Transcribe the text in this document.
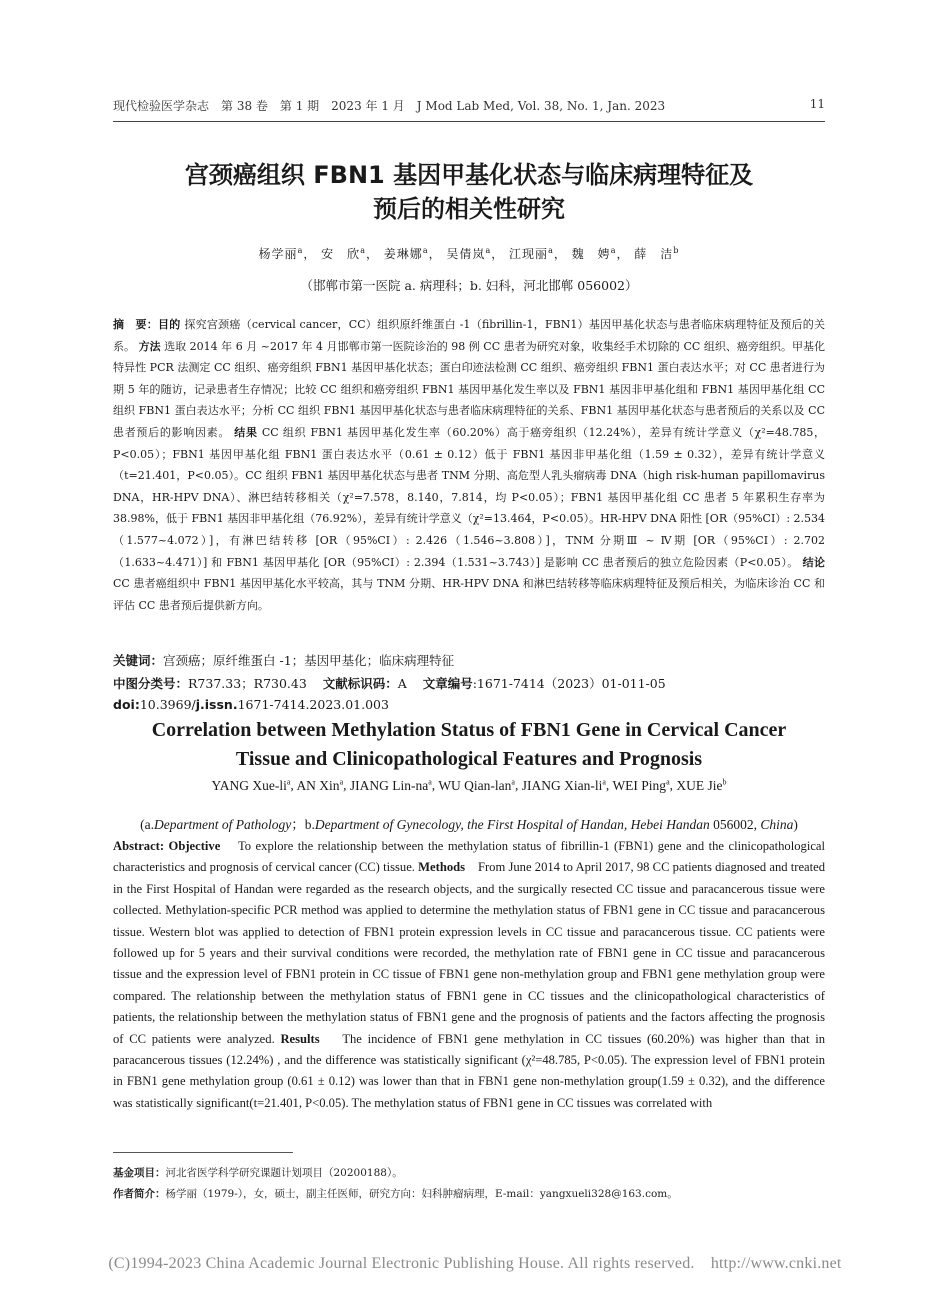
现代检验医学杂志　第 38 卷　第 1 期　2023 年 1 月　J Mod Lab Med, Vol. 38, No. 1, Jan. 2023	11
宫颈癌组织 FBN1 基因甲基化状态与临床病理特征及
预后的相关性研究
杨学丽$^a$， 安　欣$^a$， 姜琳娜$^a$， 吴倩岚$^a$， 江现丽$^a$， 魏　娉$^a$， 薛　洁$^b$
（邯郸市第一医院 a. 病理科；b. 妇科，河北邯郸 056002）
摘　要：目的 探究宫颈癌（cervical cancer，CC）组织原纤维蛋白 -1（fibrillin-1，FBN1）基因甲基化状态与患者临床病理特征及预后的关系。 方法 选取 2014 年 6 月 ~2017 年 4 月邯郸市第一医院诊治的 98 例 CC 患者为研究对象，收集经手术切除的 CC 组织、癌旁组织。甲基化特异性 PCR 法测定 CC 组织、癌旁组织 FBN1 基因甲基化状态；蛋白印迹法检测 CC 组织、癌旁组织 FBN1 蛋白表达水平；对 CC 患者进行为期 5 年的随访，记录患者生存情况；比较 CC 组织和癌旁组织 FBN1 基因甲基化发生率以及 FBN1 基因非甲基化组和 FBN1 基因甲基化组 CC 组织 FBN1 蛋白表达水平；分析 CC 组织 FBN1 基因甲基化状态与患者临床病理特征的关系、FBN1 基因甲基化状态与患者预后的关系以及 CC 患者预后的影响因素。 结果 CC 组织 FBN1 基因甲基化发生率（60.20%）高于癌旁组织（12.24%），差异有统计学意义（χ²=48.785，P<0.05）；FBN1 基因甲基化组 FBN1 蛋白表达水平（0.61 ± 0.12）低于 FBN1 基因非甲基化组（1.59 ± 0.32），差异有统计学意义（t=21.401，P<0.05）。CC 组织 FBN1 基因甲基化状态与患者 TNM 分期、高危型人乳头瘤病毒 DNA（high risk-human papillomavirus DNA，HR-HPV DNA）、淋巴结转移相关（χ²=7.578，8.140，7.814，均 P<0.05）；FBN1 基因甲基化组 CC 患者 5 年累积生存率为 38.98%，低于 FBN1 基因非甲基化组（76.92%），差异有统计学意义（χ²=13.464，P<0.05）。HR-HPV DNA 阳性 [OR（95%CI）: 2.534（1.577~4.072）]，有淋巴结转移 [OR（95%CI）: 2.426（1.546~3.808）]，TNM 分期Ⅲ ~ Ⅳ期 [OR（95%CI）: 2.702（1.633~4.471）] 和 FBN1 基因甲基化 [OR（95%CI）: 2.394（1.531~3.743）] 是影响 CC 患者预后的独立危险因素（P<0.05）。 结论 CC 患者癌组织中 FBN1 基因甲基化水平较高，其与 TNM 分期、HR-HPV DNA 和淋巴结转移等临床病理特征及预后相关，为临床诊治 CC 和评估 CC 患者预后提供新方向。
关键词：宫颈癌；原纤维蛋白 -1；基因甲基化；临床病理特征
中图分类号：R737.33；R730.43 文献标识码：A 文章编号:1671-7414（2023）01-011-05
doi:10.3969/j.issn.1671-7414.2023.01.003
Correlation between Methylation Status of FBN1 Gene in Cervical Cancer
Tissue and Clinicopathological Features and Prognosis
YANG Xue-$li^a$, AN Xin$^a$, JIANG Lin-$na^a$, WU Qian-lan$^a$, JIANG Xian-$li^a$, WEI Ping$^a$, XUE Jie$^b$
(a.Department of Pathology；b.Department of Gynecology, the First Hospital of Handan, Hebei Handan 056002, China)
Abstract: Objective To explore the relationship between the methylation status of fibrillin-1 (FBN1) gene and the clinicopathological characteristics and prognosis of cervical cancer (CC) tissue. Methods From June 2014 to April 2017, 98 CC patients diagnosed and treated in the First Hospital of Handan were regarded as the research objects, and the surgically resected CC tissue and paracancerous tissue were collected. Methylation-specific PCR method was applied to determine the methylation status of FBN1 gene in CC tissue and paracancerous tissue. Western blot was applied to detection of FBN1 protein expression levels in CC tissue and paracancerous tissue. CC patients were followed up for 5 years and their survival conditions were recorded, the methylation rate of FBN1 gene in CC tissue and paracancerous tissue and the expression level of FBN1 protein in CC tissue of FBN1 gene non-methylation group and FBN1 gene methylation group were compared. The relationship between the methylation status of FBN1 gene in CC tissues and the clinicopathological characteristics of patients, the relationship between the methylation status of FBN1 gene and the prognosis of patients and the factors affecting the prognosis of CC patients were analyzed. Results The incidence of FBN1 gene methylation in CC tissues (60.20%) was higher than that in paracancerous tissues (12.24%) , and the difference was statistically significant (χ²=48.785, P<0.05). The expression level of FBN1 protein in FBN1 gene methylation group (0.61 ± 0.12) was lower than that in FBN1 gene non-methylation group(1.59 ± 0.32), and the difference was statistically significant(t=21.401, P<0.05). The methylation status of FBN1 gene in CC tissues was correlated with
基金项目：河北省医学科学研究课题计划项目（20200188）。
作者简介：杨学丽（1979-），女，硕士，副主任医师，研究方向：妇科肿瘤病理，E-mail：yangxueli328@163.com。
(C)1994-2023 China Academic Journal Electronic Publishing House. All rights reserved.　http://www.cnki.net
